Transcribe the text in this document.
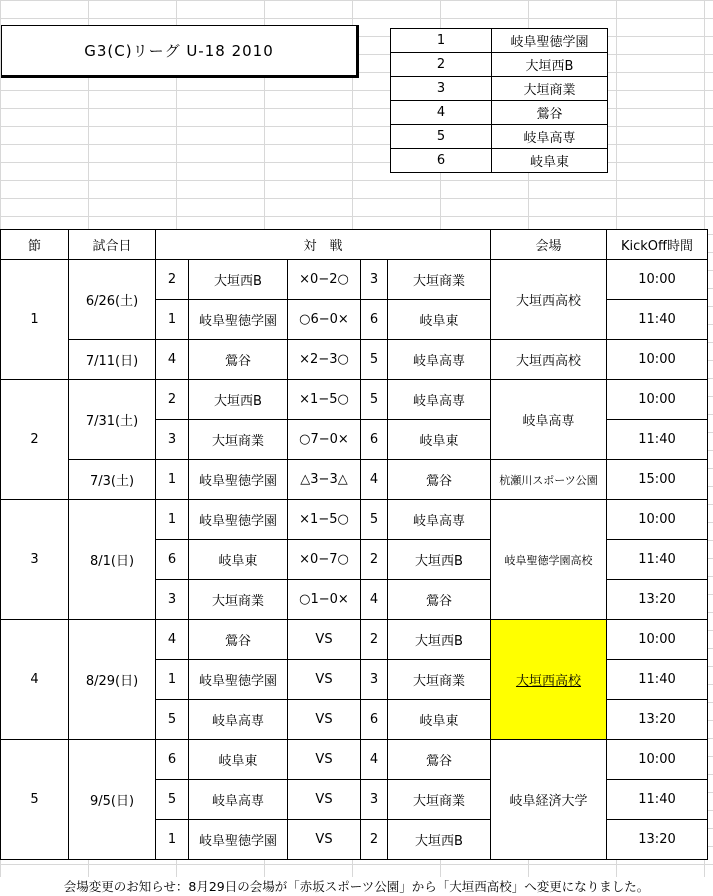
G3(C)リーグ U-18 2010
1	岐阜聖徳学園
2	大垣西B
3	大垣商業
4	鶯谷
5	岐阜高専
6	岐阜東
節	試合日	対　戦					会場	KickOff時間
1	6/26(土)	2	大垣西B	×0−2○	3	大垣商業	大垣西高校	10:00
		1	岐阜聖徳学園	○6−0×	6	岐阜東		11:40
	7/11(日)	4	鶯谷	×2−3○	5	岐阜高専	大垣西高校	10:00
2	7/31(土)	2	大垣西B	×1−5○	5	岐阜高専	岐阜高専	10:00
		3	大垣商業	○7−0×	6	岐阜東		11:40
	7/3(土)	1	岐阜聖徳学園	△3−3△	4	鶯谷	杭瀬川スポーツ公園	15:00
3	8/1(日)	1	岐阜聖徳学園	×1−5○	5	岐阜高専	岐阜聖徳学園高校	10:00
		6	岐阜東	×0−7○	2	大垣西B		11:40
		3	大垣商業	○1−0×	4	鶯谷		13:20
4	8/29(日)	4	鶯谷	VS	2	大垣西B	大垣西高校	10:00
		1	岐阜聖徳学園	VS	3	大垣商業		11:40
		5	岐阜高専	VS	6	岐阜東		13:20
5	9/5(日)	6	岐阜東	VS	4	鶯谷	岐阜経済大学	10:00
		5	岐阜高専	VS	3	大垣商業		11:40
		1	岐阜聖徳学園	VS	2	大垣西B		13:20
会場変更のお知らせ：8月29日の会場が「赤坂スポーツ公園」から「大垣西高校」へ変更になりました。
